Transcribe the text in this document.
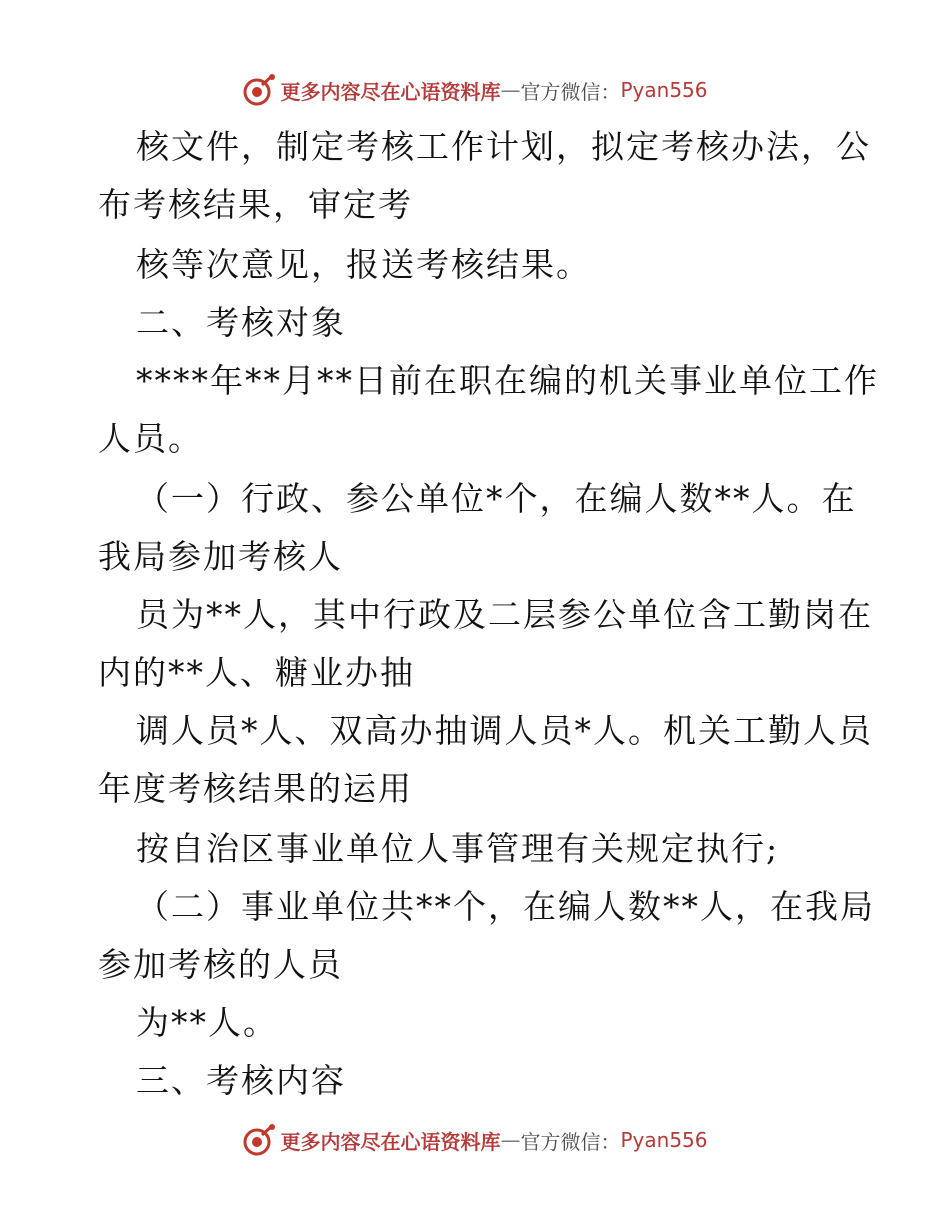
更多内容尽在心语资料库 — 官方微信： Pyan556
核文件，制定考核工作计划，拟定考核办法，公
布考核结果，审定考
核等次意见，报送考核结果。
二、考核对象
****年**月**日前在职在编的机关事业单位工作
人员。
（一）行政、参公单位*个，在编人数**人。在
我局参加考核人
员为**人，其中行政及二层参公单位含工勤岗在
内的**人、糖业办抽
调人员*人、双高办抽调人员*人。机关工勤人员
年度考核结果的运用
按自治区事业单位人事管理有关规定执行;
（二）事业单位共**个，在编人数**人，在我局
参加考核的人员
为**人。
三、考核内容
更多内容尽在心语资料库 — 官方微信： Pyan556
